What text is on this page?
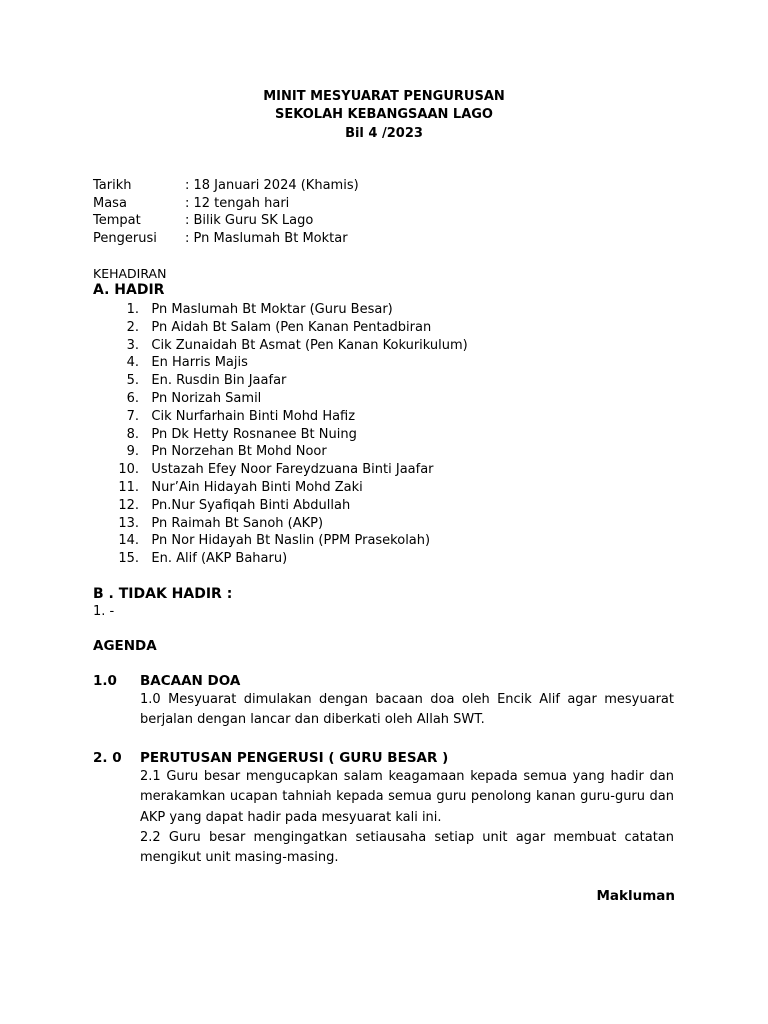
MINIT MESYUARAT PENGURUSAN
SEKOLAH KEBANGSAAN LAGO
Bil 4 /2023
Tarikh	: 18 Januari 2024 (Khamis)
Masa	: 12 tengah hari
Tempat	: Bilik Guru SK Lago
Pengerusi	: Pn Maslumah Bt Moktar
KEHADIRAN
A. HADIR
1. Pn Maslumah Bt Moktar (Guru Besar)
2. Pn Aidah Bt Salam (Pen Kanan Pentadbiran
3. Cik Zunaidah Bt Asmat (Pen Kanan Kokurikulum)
4. En Harris Majis
5. En. Rusdin Bin Jaafar
6. Pn Norizah Samil
7. Cik Nurfarhain Binti Mohd Hafiz
8. Pn Dk Hetty Rosnanee Bt Nuing
9. Pn Norzehan Bt Mohd Noor
10. Ustazah Efey Noor Fareydzuana Binti Jaafar
11. Nur’Ain Hidayah Binti Mohd Zaki
12. Pn.Nur Syafiqah Binti Abdullah
13. Pn Raimah Bt Sanoh (AKP)
14. Pn Nor Hidayah Bt Naslin (PPM Prasekolah)
15. En. Alif (AKP Baharu)
B . TIDAK HADIR :
1. -
AGENDA
1.0 BACAAN DOA
1.0 Mesyuarat dimulakan dengan bacaan doa oleh Encik Alif agar mesyuarat berjalan dengan lancar dan diberkati oleh Allah SWT.
2. 0 PERUTUSAN PENGERUSI ( GURU BESAR )
2.1 Guru besar mengucapkan salam keagamaan kepada semua yang hadir dan merakamkan ucapan tahniah kepada semua guru penolong kanan guru-guru dan AKP yang dapat hadir pada mesyuarat kali ini.
2.2 Guru besar mengingatkan setiausaha setiap unit agar membuat catatan mengikut unit masing-masing.
Makluman
